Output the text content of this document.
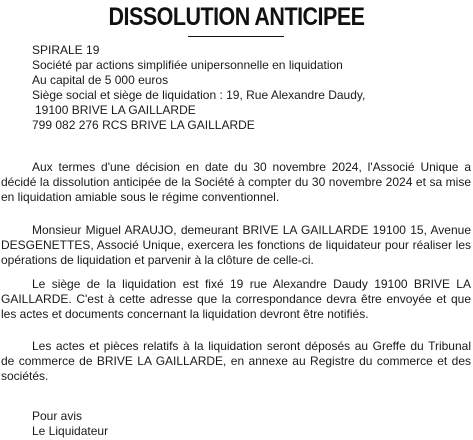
DISSOLUTION ANTICIPEE
SPIRALE 19
Société par actions simplifiée unipersonnelle en liquidation
Au capital de 5 000 euros
Siège social et siège de liquidation : 19, Rue Alexandre Daudy,
19100 BRIVE LA GAILLARDE
799 082 276 RCS BRIVE LA GAILLARDE
Aux termes d'une décision en date du 30 novembre 2024, l'Associé Unique a décidé la dissolution anticipée de la Société à compter du 30 novembre 2024 et sa mise en liquidation amiable sous le régime conventionnel.
Monsieur Miguel ARAUJO, demeurant BRIVE LA GAILLARDE 19100 15, Avenue DESGENETTES, Associé Unique, exercera les fonctions de liquidateur pour réaliser les opérations de liquidation et parvenir à la clôture de celle-ci.
Le siège de la liquidation est fixé 19 rue Alexandre Daudy 19100 BRIVE LA GAILLARDE. C'est à cette adresse que la correspondance devra être envoyée et que les actes et documents concernant la liquidation devront être notifiés.
Les actes et pièces relatifs à la liquidation seront déposés au Greffe du Tribunal de commerce de BRIVE LA GAILLARDE, en annexe au Registre du commerce et des sociétés.
Pour avis
Le Liquidateur
